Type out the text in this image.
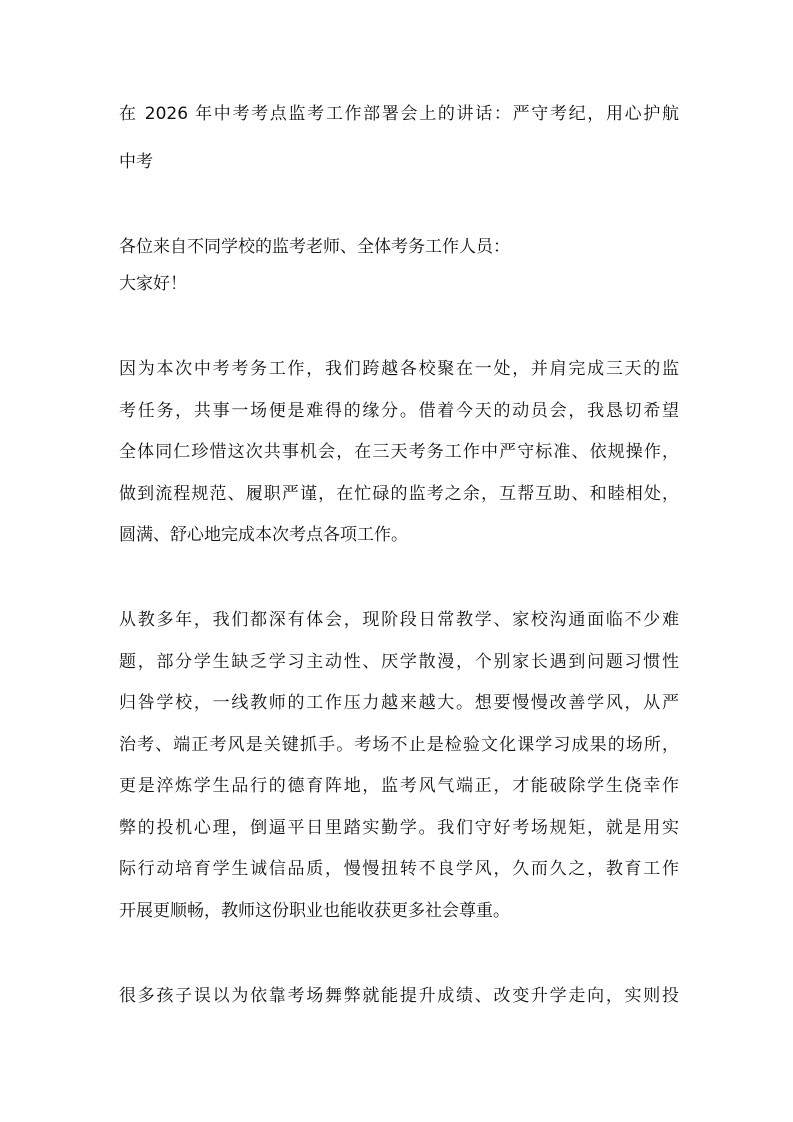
在 2026 年中考考点监考工作部署会上的讲话：严守考纪，用心护航
中考
各位来自不同学校的监考老师、全体考务工作人员：
大家好！
因为本次中考考务工作，我们跨越各校聚在一处，并肩完成三天的监
考任务，共事一场便是难得的缘分。借着今天的动员会，我恳切希望
全体同仁珍惜这次共事机会，在三天考务工作中严守标准、依规操作，
做到流程规范、履职严谨，在忙碌的监考之余，互帮互助、和睦相处，
圆满、舒心地完成本次考点各项工作。
从教多年，我们都深有体会，现阶段日常教学、家校沟通面临不少难
题，部分学生缺乏学习主动性、厌学散漫，个别家长遇到问题习惯性
归咎学校，一线教师的工作压力越来越大。想要慢慢改善学风，从严
治考、端正考风是关键抓手。考场不止是检验文化课学习成果的场所，
更是淬炼学生品行的德育阵地，监考风气端正，才能破除学生侥幸作
弊的投机心理，倒逼平日里踏实勤学。我们守好考场规矩，就是用实
际行动培育学生诚信品质，慢慢扭转不良学风，久而久之，教育工作
开展更顺畅，教师这份职业也能收获更多社会尊重。
很多孩子误以为依靠考场舞弊就能提升成绩、改变升学走向，实则投
